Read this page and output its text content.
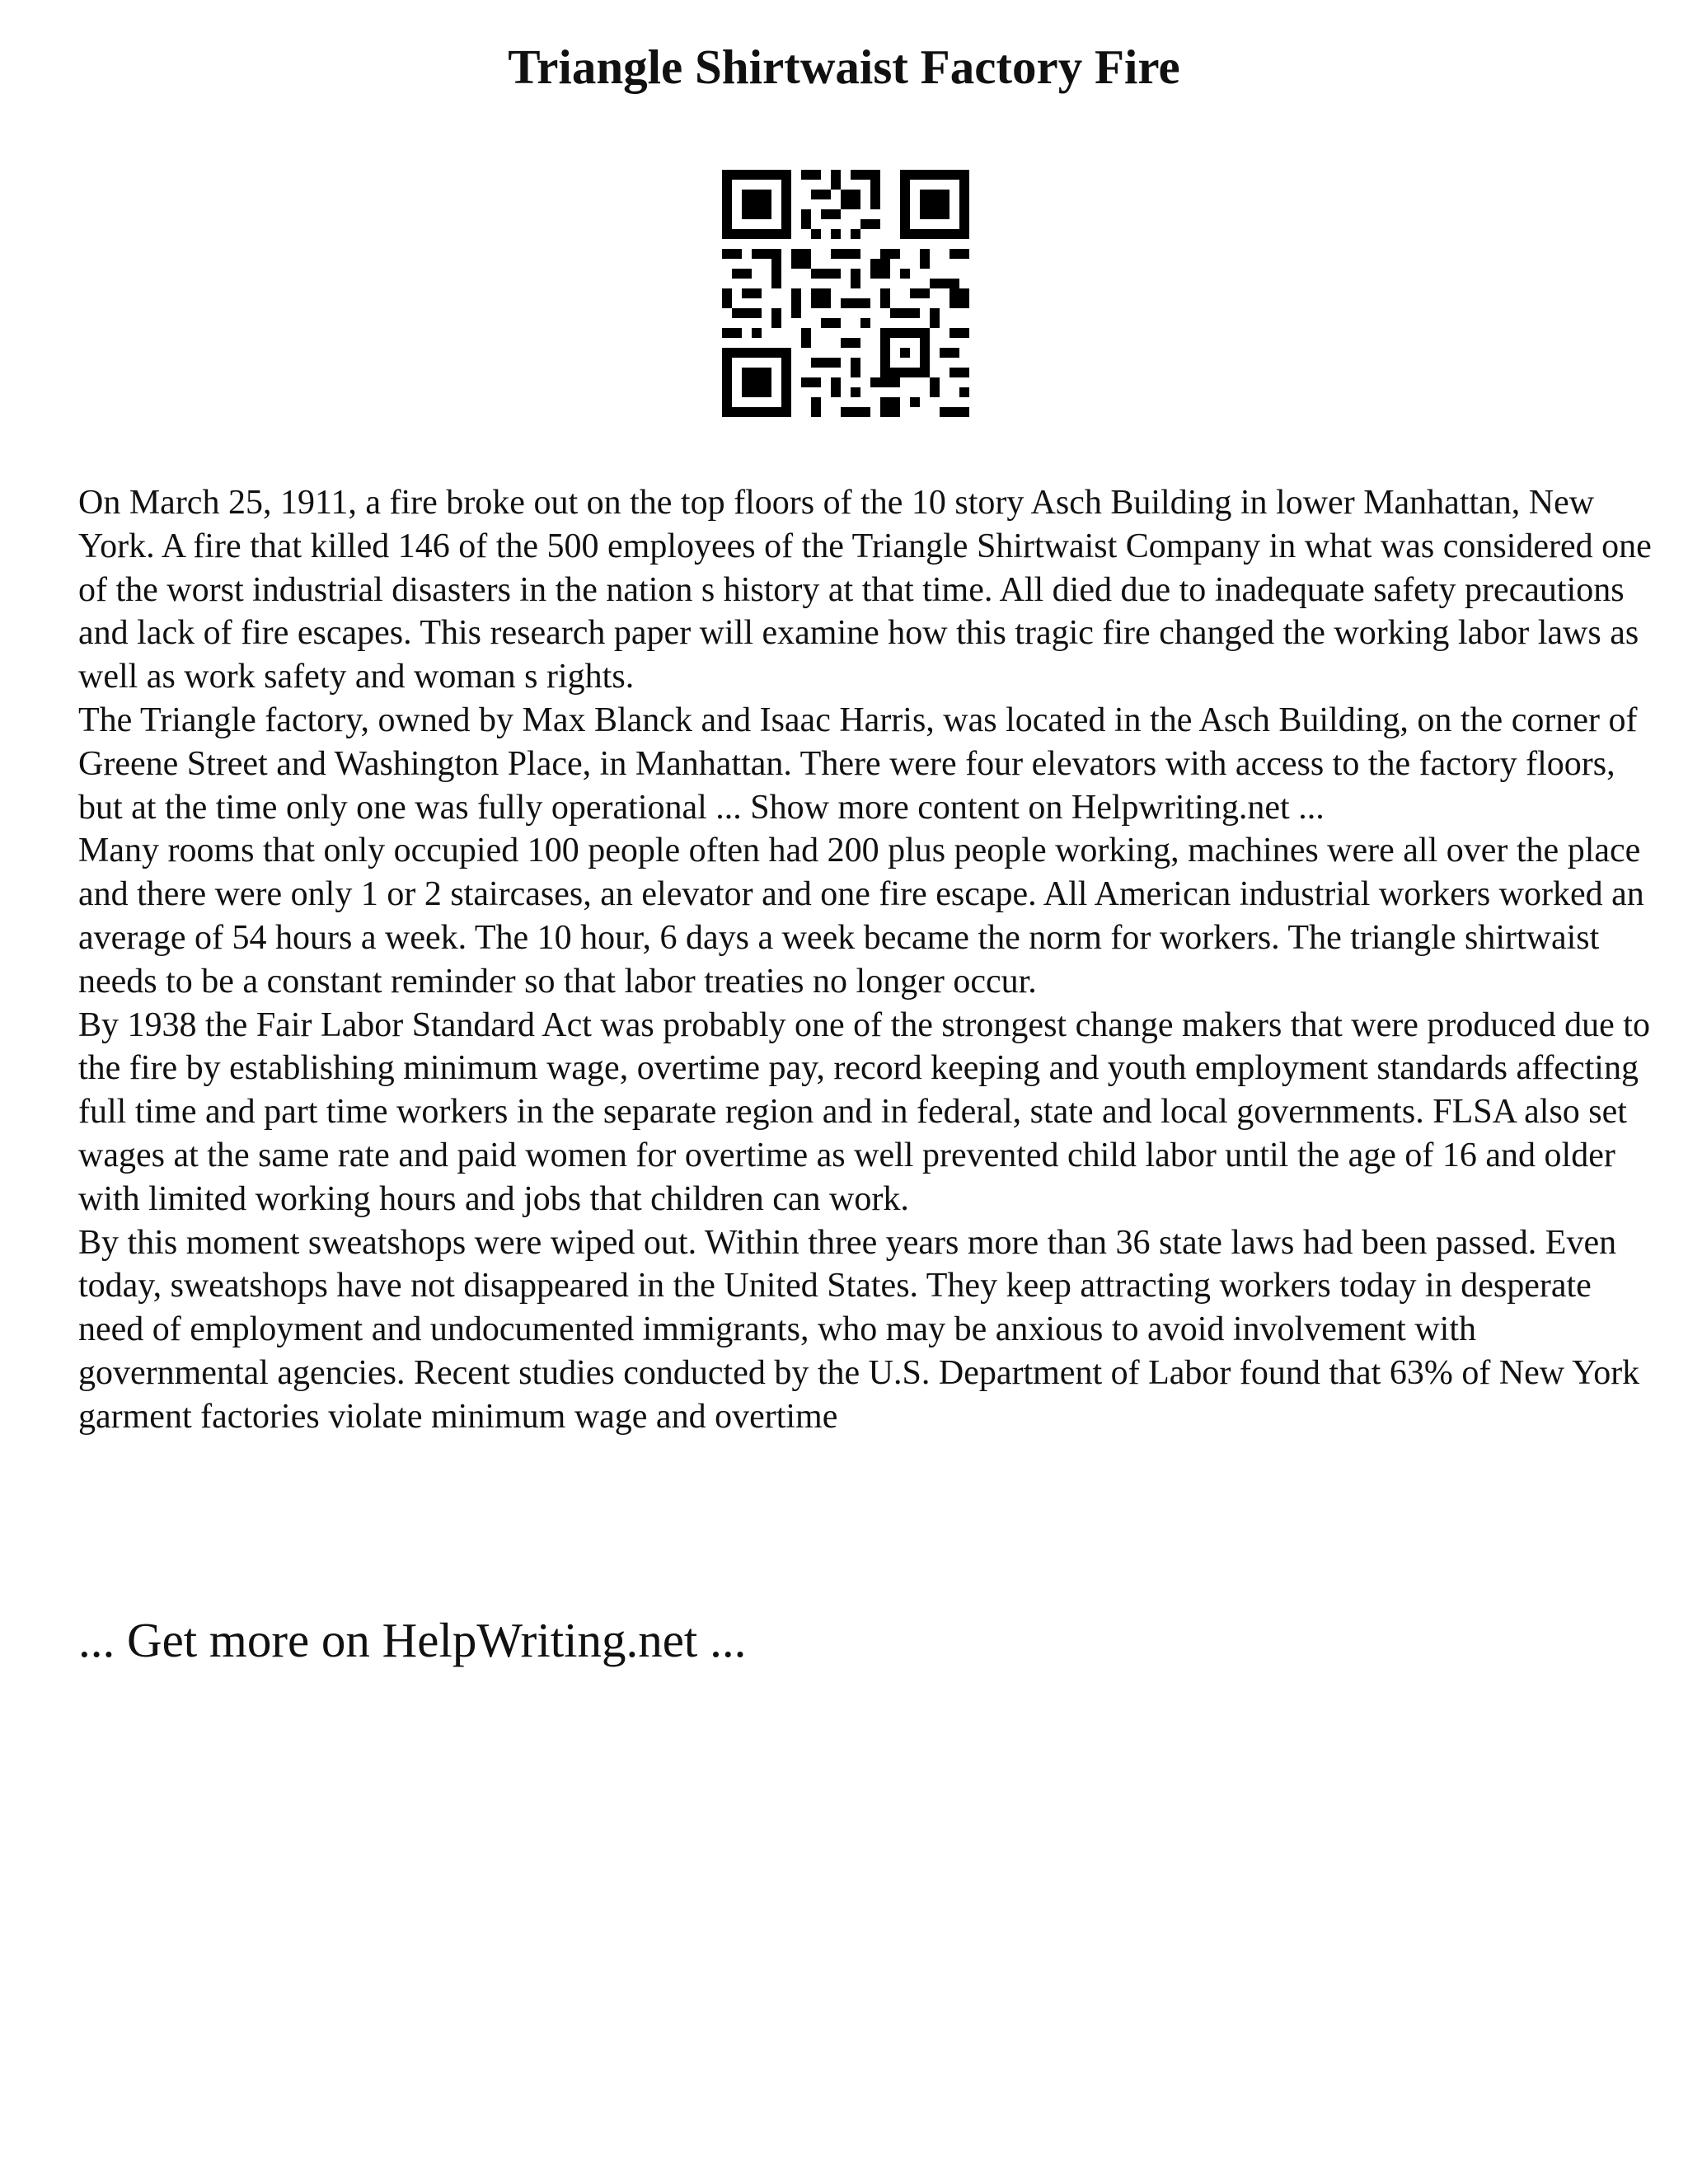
Triangle Shirtwaist Factory Fire

On March 25, 1911, a fire broke out on the top floors of the 10 story Asch Building in lower Manhattan, New York. A fire that killed 146 of the 500 employees of the Triangle Shirtwaist Company in what was considered one of the worst industrial disasters in the nation s history at that time. All died due to inadequate safety precautions and lack of fire escapes. This research paper will examine how this tragic fire changed the working labor laws as well as work safety and woman s rights.

The Triangle factory, owned by Max Blanck and Isaac Harris, was located in the Asch Building, on the corner of Greene Street and Washington Place, in Manhattan. There were four elevators with access to the factory floors, but at the time only one was fully operational ... Show more content on Helpwriting.net ...

Many rooms that only occupied 100 people often had 200 plus people working, machines were all over the place and there were only 1 or 2 staircases, an elevator and one fire escape. All American industrial workers worked an average of 54 hours a week. The 10 hour, 6 days a week became the norm for workers. The triangle shirtwaist needs to be a constant reminder so that labor treaties no longer occur.

By 1938 the Fair Labor Standard Act was probably one of the strongest change makers that were produced due to the fire by establishing minimum wage, overtime pay, record keeping and youth employment standards affecting full time and part time workers in the separate region and in federal, state and local governments. FLSA also set wages at the same rate and paid women for overtime as well prevented child labor until the age of 16 and older with limited working hours and jobs that children can work.

By this moment sweatshops were wiped out. Within three years more than 36 state laws had been passed. Even today, sweatshops have not disappeared in the United States. They keep attracting workers today in desperate need of employment and undocumented immigrants, who may be anxious to avoid involvement with governmental agencies. Recent studies conducted by the U.S. Department of Labor found that 63% of New York garment factories violate minimum wage and overtime

... Get more on HelpWriting.net ...
